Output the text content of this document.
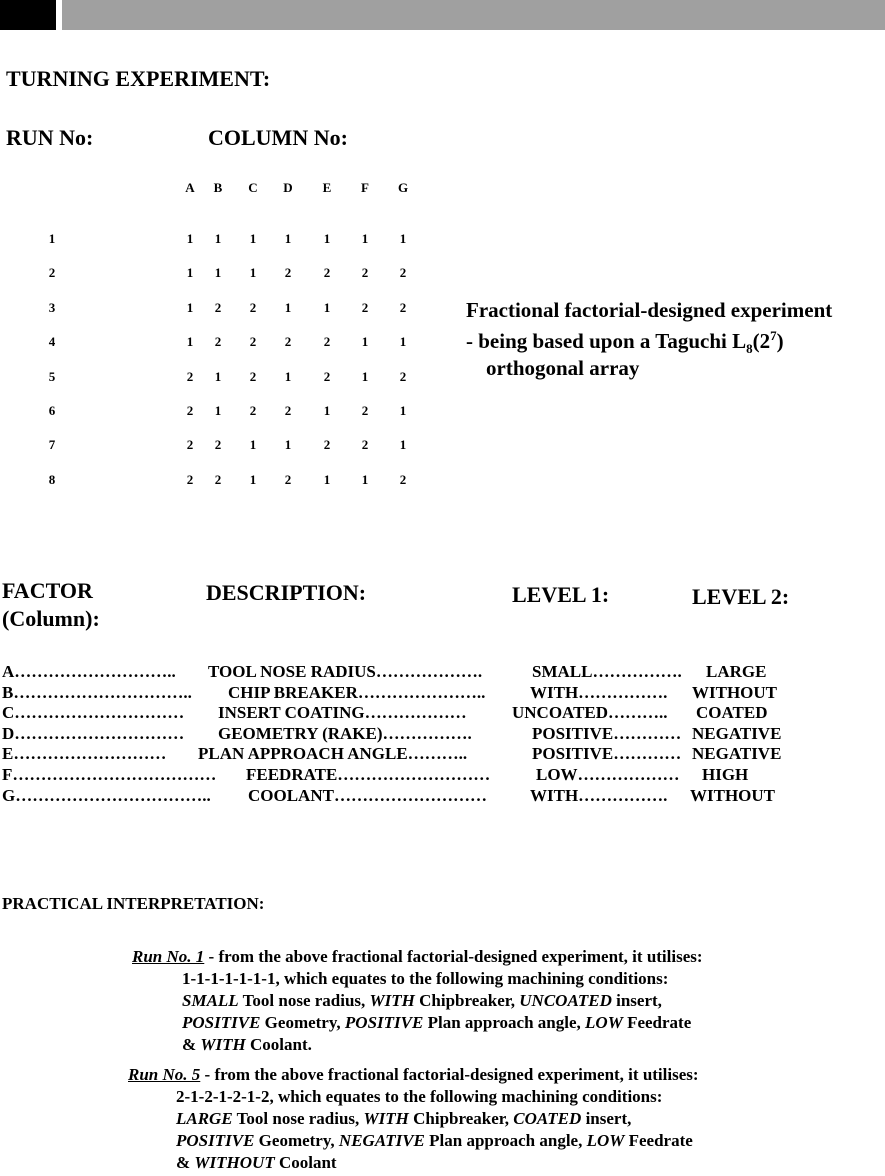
TURNING EXPERIMENT:
RUN No:	COLUMN No:
A	B	C	D	E	F	G
1	1	1	1	1	1	1	1
2	1	1	1	2	2	2	2
3	1	2	2	1	1	2	2
4	1	2	2	2	2	1	1
5	2	1	2	1	2	1	2
6	2	1	2	2	1	2	1
7	2	2	1	1	2	2	1
8	2	2	1	2	1	1	2
Fractional factorial-designed experiment
- being based upon a Taguchi $L_8(2^7)$
orthogonal array
FACTOR
(Column):
DESCRIPTION:	LEVEL 1:	LEVEL 2:
A……………………….. TOOL NOSE RADIUS……………….	SMALL……………. LARGE
B………………………….. CHIP BREAKER…………………..	WITH……………. WITHOUT
C………………………… INSERT COATING………………	UNCOATED……….. COATED
D………………………… GEOMETRY (RAKE)…………….	POSITIVE………… NEGATIVE
E……………………… PLAN APPROACH ANGLE………..	POSITIVE………… NEGATIVE
F……………………………… FEEDRATE………………………	LOW……………… HIGH
G…………………………….. COOLANT………………………	WITH……………. WITHOUT
PRACTICAL INTERPRETATION:
Run No. 1 - from the above fractional factorial-designed experiment, it utilises:
1-1-1-1-1-1-1, which equates to the following machining conditions:
SMALL Tool nose radius, WITH Chipbreaker, UNCOATED insert,
POSITIVE Geometry, POSITIVE Plan approach angle, LOW Feedrate
& WITH Coolant.
Run No. 5 - from the above fractional factorial-designed experiment, it utilises:
2-1-2-1-2-1-2, which equates to the following machining conditions:
LARGE Tool nose radius, WITH Chipbreaker, COATED insert,
POSITIVE Geometry, NEGATIVE Plan approach angle, LOW Feedrate
& WITHOUT Coolant
